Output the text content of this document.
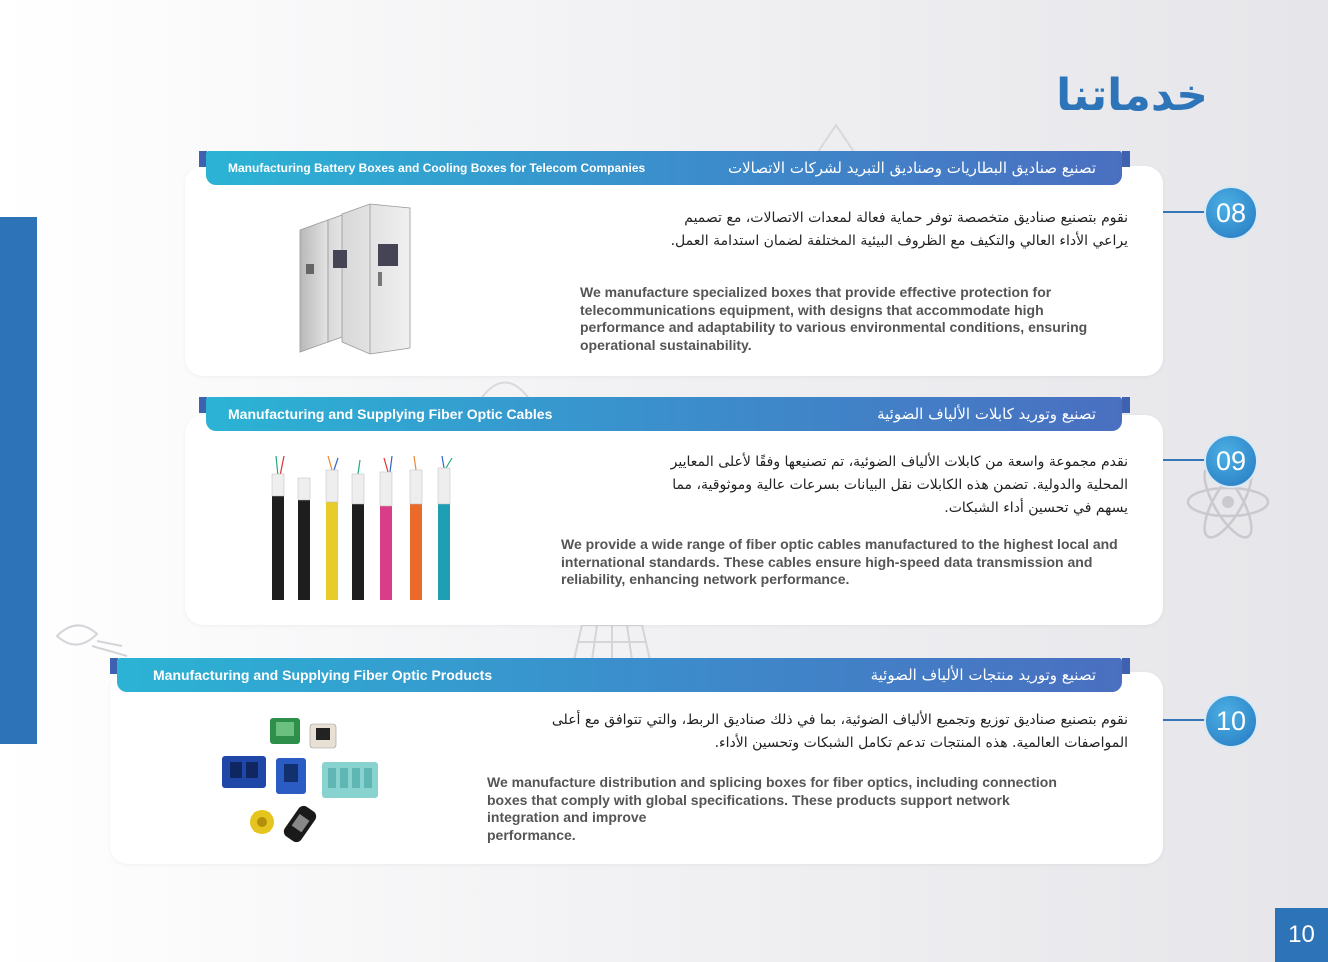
خدماتنا
Manufacturing Battery Boxes and Cooling Boxes for Telecom Companies	تصنيع صناديق البطاريات وصناديق التبريد لشركات الاتصالات
08
نقوم بتصنيع صناديق متخصصة توفر حماية فعالة لمعدات الاتصالات، مع تصميم
يراعي الأداء العالي والتكيف مع الظروف البيئية المختلفة لضمان استدامة العمل.
We manufacture specialized boxes that provide effective protection for telecommunications equipment, with designs that accommodate high performance and adaptability to various environmental conditions, ensuring operational sustainability.
Manufacturing and Supplying Fiber Optic Cables	تصنيع وتوريد كابلات الألياف الضوئية
09
نقدم مجموعة واسعة من كابلات الألياف الضوئية، تم تصنيعها وفقًا لأعلى المعايير
المحلية والدولية. تضمن هذه الكابلات نقل البيانات بسرعات عالية وموثوقية، مما
يسهم في تحسين أداء الشبكات.
We provide a wide range of fiber optic cables manufactured to the highest local and international standards. These cables ensure high-speed data transmission and reliability, enhancing network performance.
Manufacturing and Supplying Fiber Optic Products	تصنيع وتوريد منتجات الألياف الضوئية
10
نقوم بتصنيع صناديق توزيع وتجميع الألياف الضوئية، بما في ذلك صناديق الربط، والتي تتوافق مع أعلى
المواصفات العالمية. هذه المنتجات تدعم تكامل الشبكات وتحسين الأداء.
We manufacture distribution and splicing boxes for fiber optics, including connection
boxes that comply with global specifications. These products support network
integration and improve
performance.
10
